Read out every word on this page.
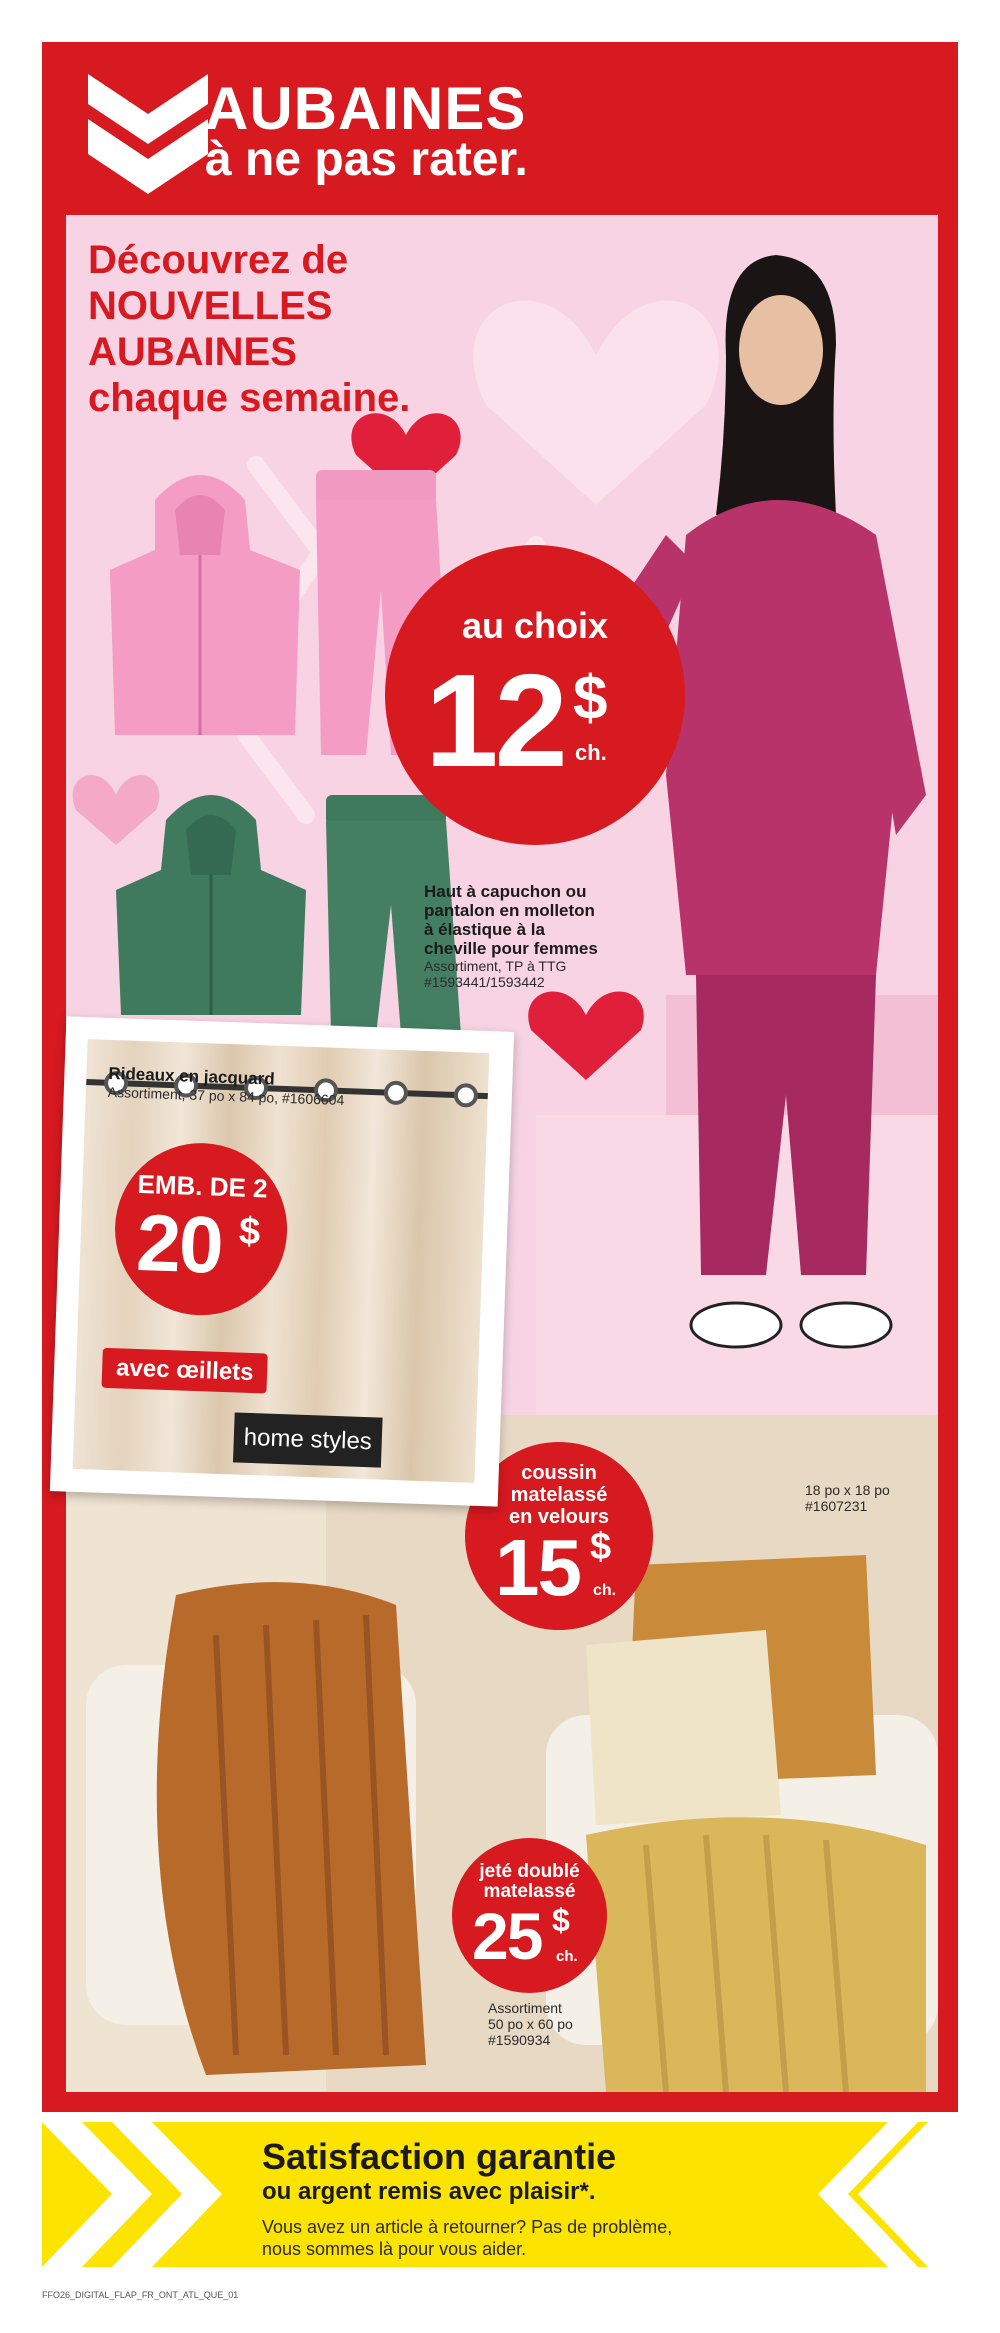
AUBAINES
à ne pas rater.
Découvrez de
NOUVELLES
AUBAINES
chaque semaine.
au choix
12 $
ch.
Haut à capuchon ou
pantalon en molleton
à élastique à la
cheville pour femmes
Assortiment, TP à TTG
#1593441/1593442
18 po x 18 po
#1607231
coussin
matelassé
en velours
15 $
ch.
jeté doublé
matelassé
25 $
ch.
Assortiment
50 po x 60 po
#1590934
Rideaux en jacquard
Assortiment, 37 po x 84 po, #1606604
EMB. DE 2
20 $
avec œillets
home styles
Satisfaction garantie
ou argent remis avec plaisir*.
Vous avez un article à retourner? Pas de problème,
nous sommes là pour vous aider.
FFO26_DIGITAL_FLAP_FR_ONT_ATL_QUE_01
